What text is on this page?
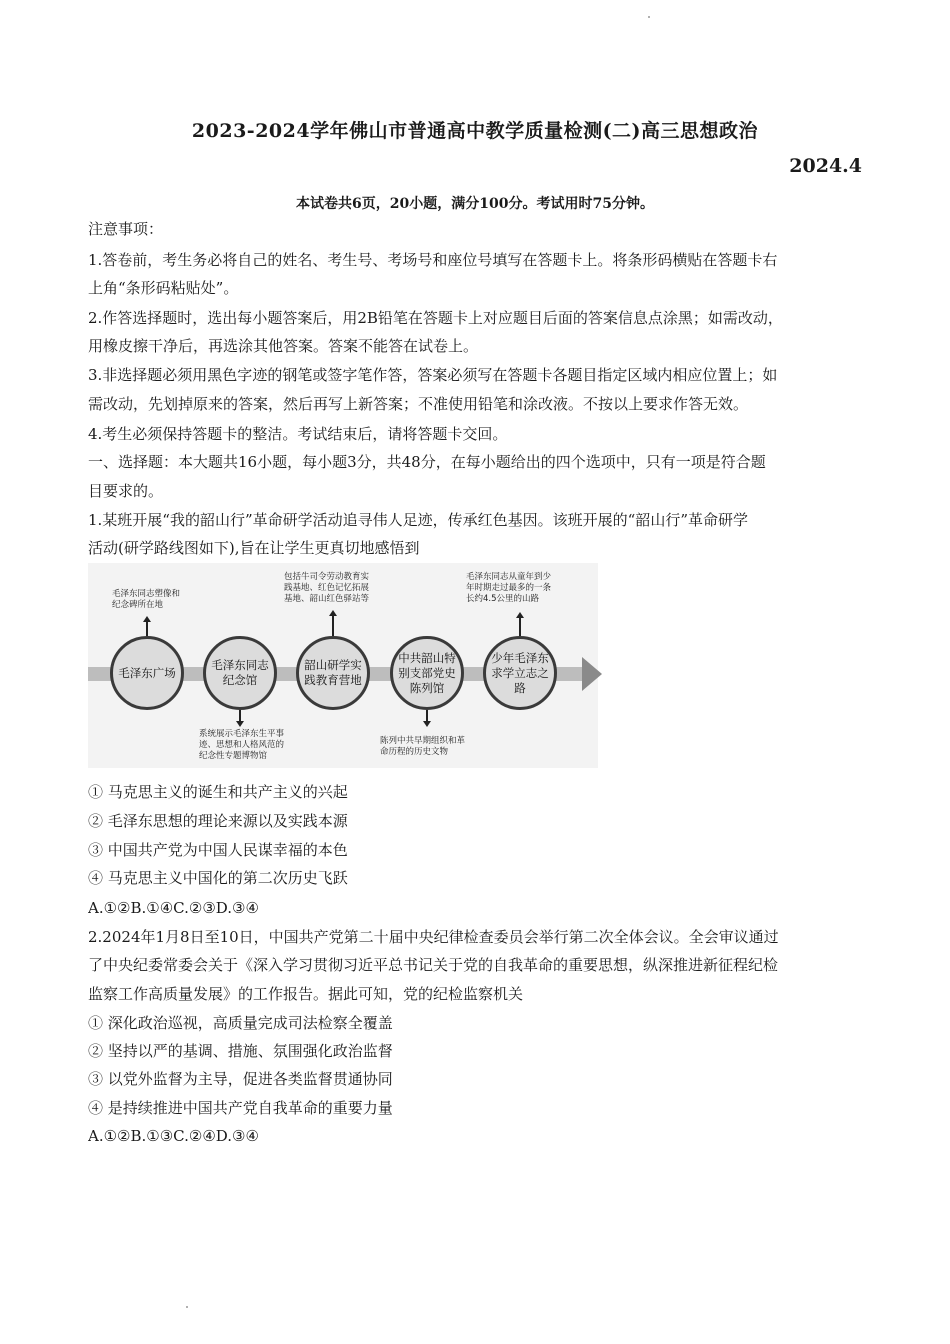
2023-2024学年佛山市普通高中教学质量检测(二)高三思想政治
2024.4
本试卷共6页，20小题，满分100分。考试用时75分钟。
注意事项：
1.答卷前，考生务必将自己的姓名、考生号、考场号和座位号填写在答题卡上。将条形码横贴在答题卡右
上角“条形码粘贴处”。
2.作答选择题时，选出每小题答案后，用2B铅笔在答题卡上对应题目后面的答案信息点涂黑；如需改动，
用橡皮擦干净后，再选涂其他答案。答案不能答在试卷上。
3.非选择题必须用黑色字迹的钢笔或签字笔作答，答案必须写在答题卡各题目指定区域内相应位置上；如
需改动，先划掉原来的答案，然后再写上新答案；不准使用铅笔和涂改液。不按以上要求作答无效。
4.考生必须保持答题卡的整洁。考试结束后，请将答题卡交回。
一、选择题：本大题共16小题，每小题3分，共48分，在每小题给出的四个选项中，只有一项是符合题
目要求的。
1.某班开展“我的韶山行”革命研学活动追寻伟人足迹，传承红色基因。该班开展的“韶山行”革命研学
活动(研学路线图如下),旨在让学生更真切地感悟到
毛泽东广场
毛泽东同志纪念馆
韶山研学实践教育营地
中共韶山特别支部党史陈列馆
少年毛泽东求学立志之路
毛泽东同志塑像和
纪念碑所在地
系统展示毛泽东生平事
迹、思想和人格风范的
纪念性专题博物馆
包括牛司令劳动教育实
践基地、红色记忆拓展
基地、韶山红色驿站等
陈列中共早期组织和革
命历程的历史文物
毛泽东同志从童年到少
年时期走过最多的一条
长约4.5公里的山路
① 马克思主义的诞生和共产主义的兴起
② 毛泽东思想的理论来源以及实践本源
③ 中国共产党为中国人民谋幸福的本色
④ 马克思主义中国化的第二次历史飞跃
A.①②B.①④C.②③D.③④
2.2024年1月8日至10日，中国共产党第二十届中央纪律检查委员会举行第二次全体会议。全会审议通过
了中央纪委常委会关于《深入学习贯彻习近平总书记关于党的自我革命的重要思想，纵深推进新征程纪检
监察工作高质量发展》的工作报告。据此可知，党的纪检监察机关
① 深化政治巡视，高质量完成司法检察全覆盖
② 坚持以严的基调、措施、氛围强化政治监督
③ 以党外监督为主导，促进各类监督贯通协同
④ 是持续推进中国共产党自我革命的重要力量
A.①②B.①③C.②④D.③④
